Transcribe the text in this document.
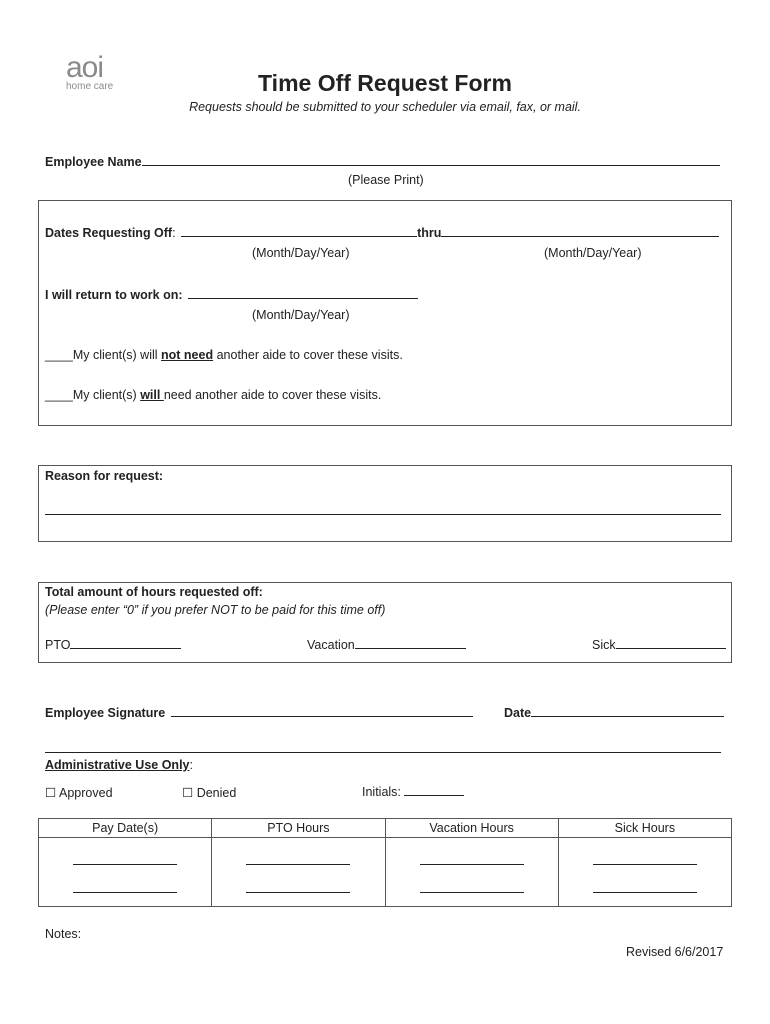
aoi
home care	Time Off Request Form
Requests should be submitted to your scheduler via email, fax, or mail.
Employee Name
(Please Print)
Dates Requesting Off:	thru
(Month/Day/Year)	(Month/Day/Year)
I will return to work on:
(Month/Day/Year)
____My client(s) will not need another aide to cover these visits.
____My client(s) will need another aide to cover these visits.
Reason for request:
Total amount of hours requested off:
(Please enter “0” if you prefer NOT to be paid for this time off)
PTO	Vacation	Sick
Employee Signature	Date
Administrative Use Only:
☐ Approved	☐ Denied	Initials:
Pay Date(s)	PTO Hours	Vacation Hours	Sick Hours

Notes:
Revised 6/6/2017
